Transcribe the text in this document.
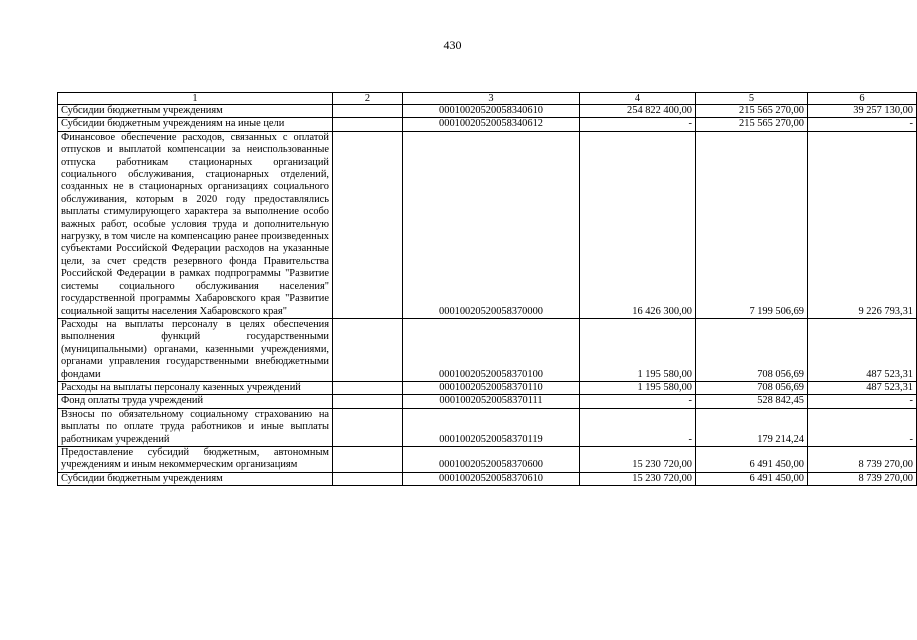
430
1	2	3	4	5	6
Субсидии бюджетным учреждениям		00010020520058340610	254 822 400,00	215 565 270,00	39 257 130,00
Субсидии бюджетным учреждениям на иные цели		00010020520058340612	-	215 565 270,00	-
Финансовое обеспечение расходов, связанных с оплатой отпусков и выплатой компенсации за неиспользованные отпуска работникам стационарных организаций социального обслуживания, стационарных отделений, созданных не в стационарных организациях социального обслуживания, которым в 2020 году предоставлялись выплаты стимулирующего характера за выполнение особо важных работ, особые условия труда и дополнительную нагрузку, в том числе на компенсацию ранее произведенных субъектами Российской Федерации расходов на указанные цели, за счет средств резервного фонда Правительства Российской Федерации в рамках подпрограммы "Развитие системы социального обслуживания населения" государственной программы Хабаровского края "Развитие социальной защиты населения Хабаровского края"		00010020520058370000	16 426 300,00	7 199 506,69	9 226 793,31
Расходы на выплаты персоналу в целях обеспечения выполнения функций государственными (муниципальными) органами, казенными учреждениями, органами управления государственными внебюджетными фондами		00010020520058370100	1 195 580,00	708 056,69	487 523,31
Расходы на выплаты персоналу казенных учреждений		00010020520058370110	1 195 580,00	708 056,69	487 523,31
Фонд оплаты труда учреждений		00010020520058370111	-	528 842,45	-
Взносы по обязательному социальному страхованию на выплаты по оплате труда работников и иные выплаты работникам учреждений		00010020520058370119	-	179 214,24	-
Предоставление субсидий бюджетным, автономным учреждениям и иным некоммерческим организациям		00010020520058370600	15 230 720,00	6 491 450,00	8 739 270,00
Субсидии бюджетным учреждениям		00010020520058370610	15 230 720,00	6 491 450,00	8 739 270,00
